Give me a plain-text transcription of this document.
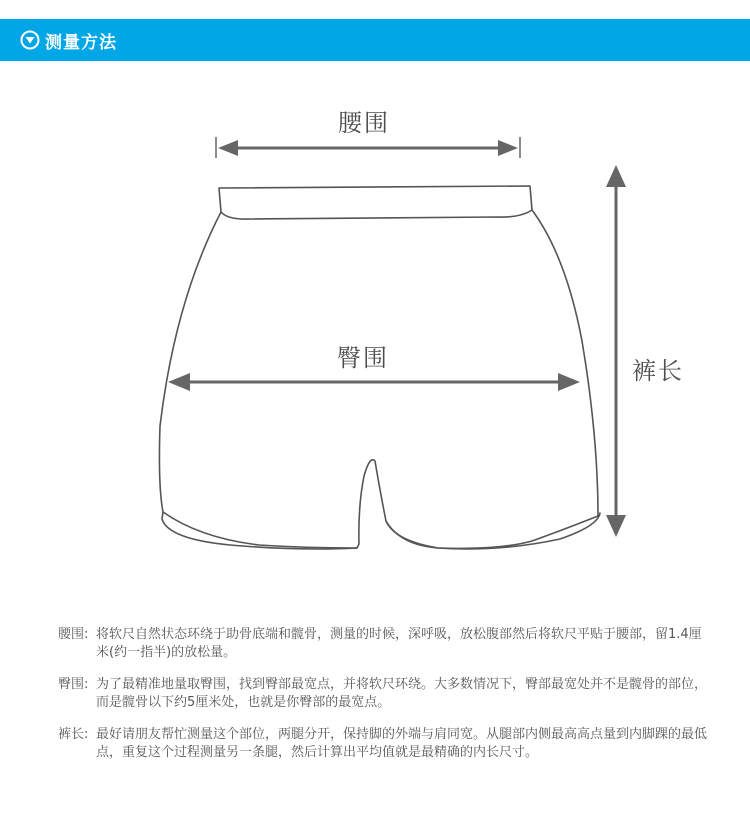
测量方法
腰围
臀围	裤长
腰围: 将软尺自然状态环绕于助骨底端和髋骨，测量的时候，深呼吸，放松腹部然后将软尺平贴于腰部，留1.4厘米(约一指半)的放松量。
臀围: 为了最精准地量取臀围，找到臀部最宽点，并将软尺环绕。大多数情况下，臀部最宽处并不是髋骨的部位，而是髋骨以下约5厘米处，也就是你臀部的最宽点。
裤长: 最好请朋友帮忙测量这个部位，两腿分开，保持脚的外端与肩同宽。从腿部内侧最高高点量到内脚踝的最低点，重复这个过程测量另一条腿，然后计算出平均值就是最精确的内长尺寸。
